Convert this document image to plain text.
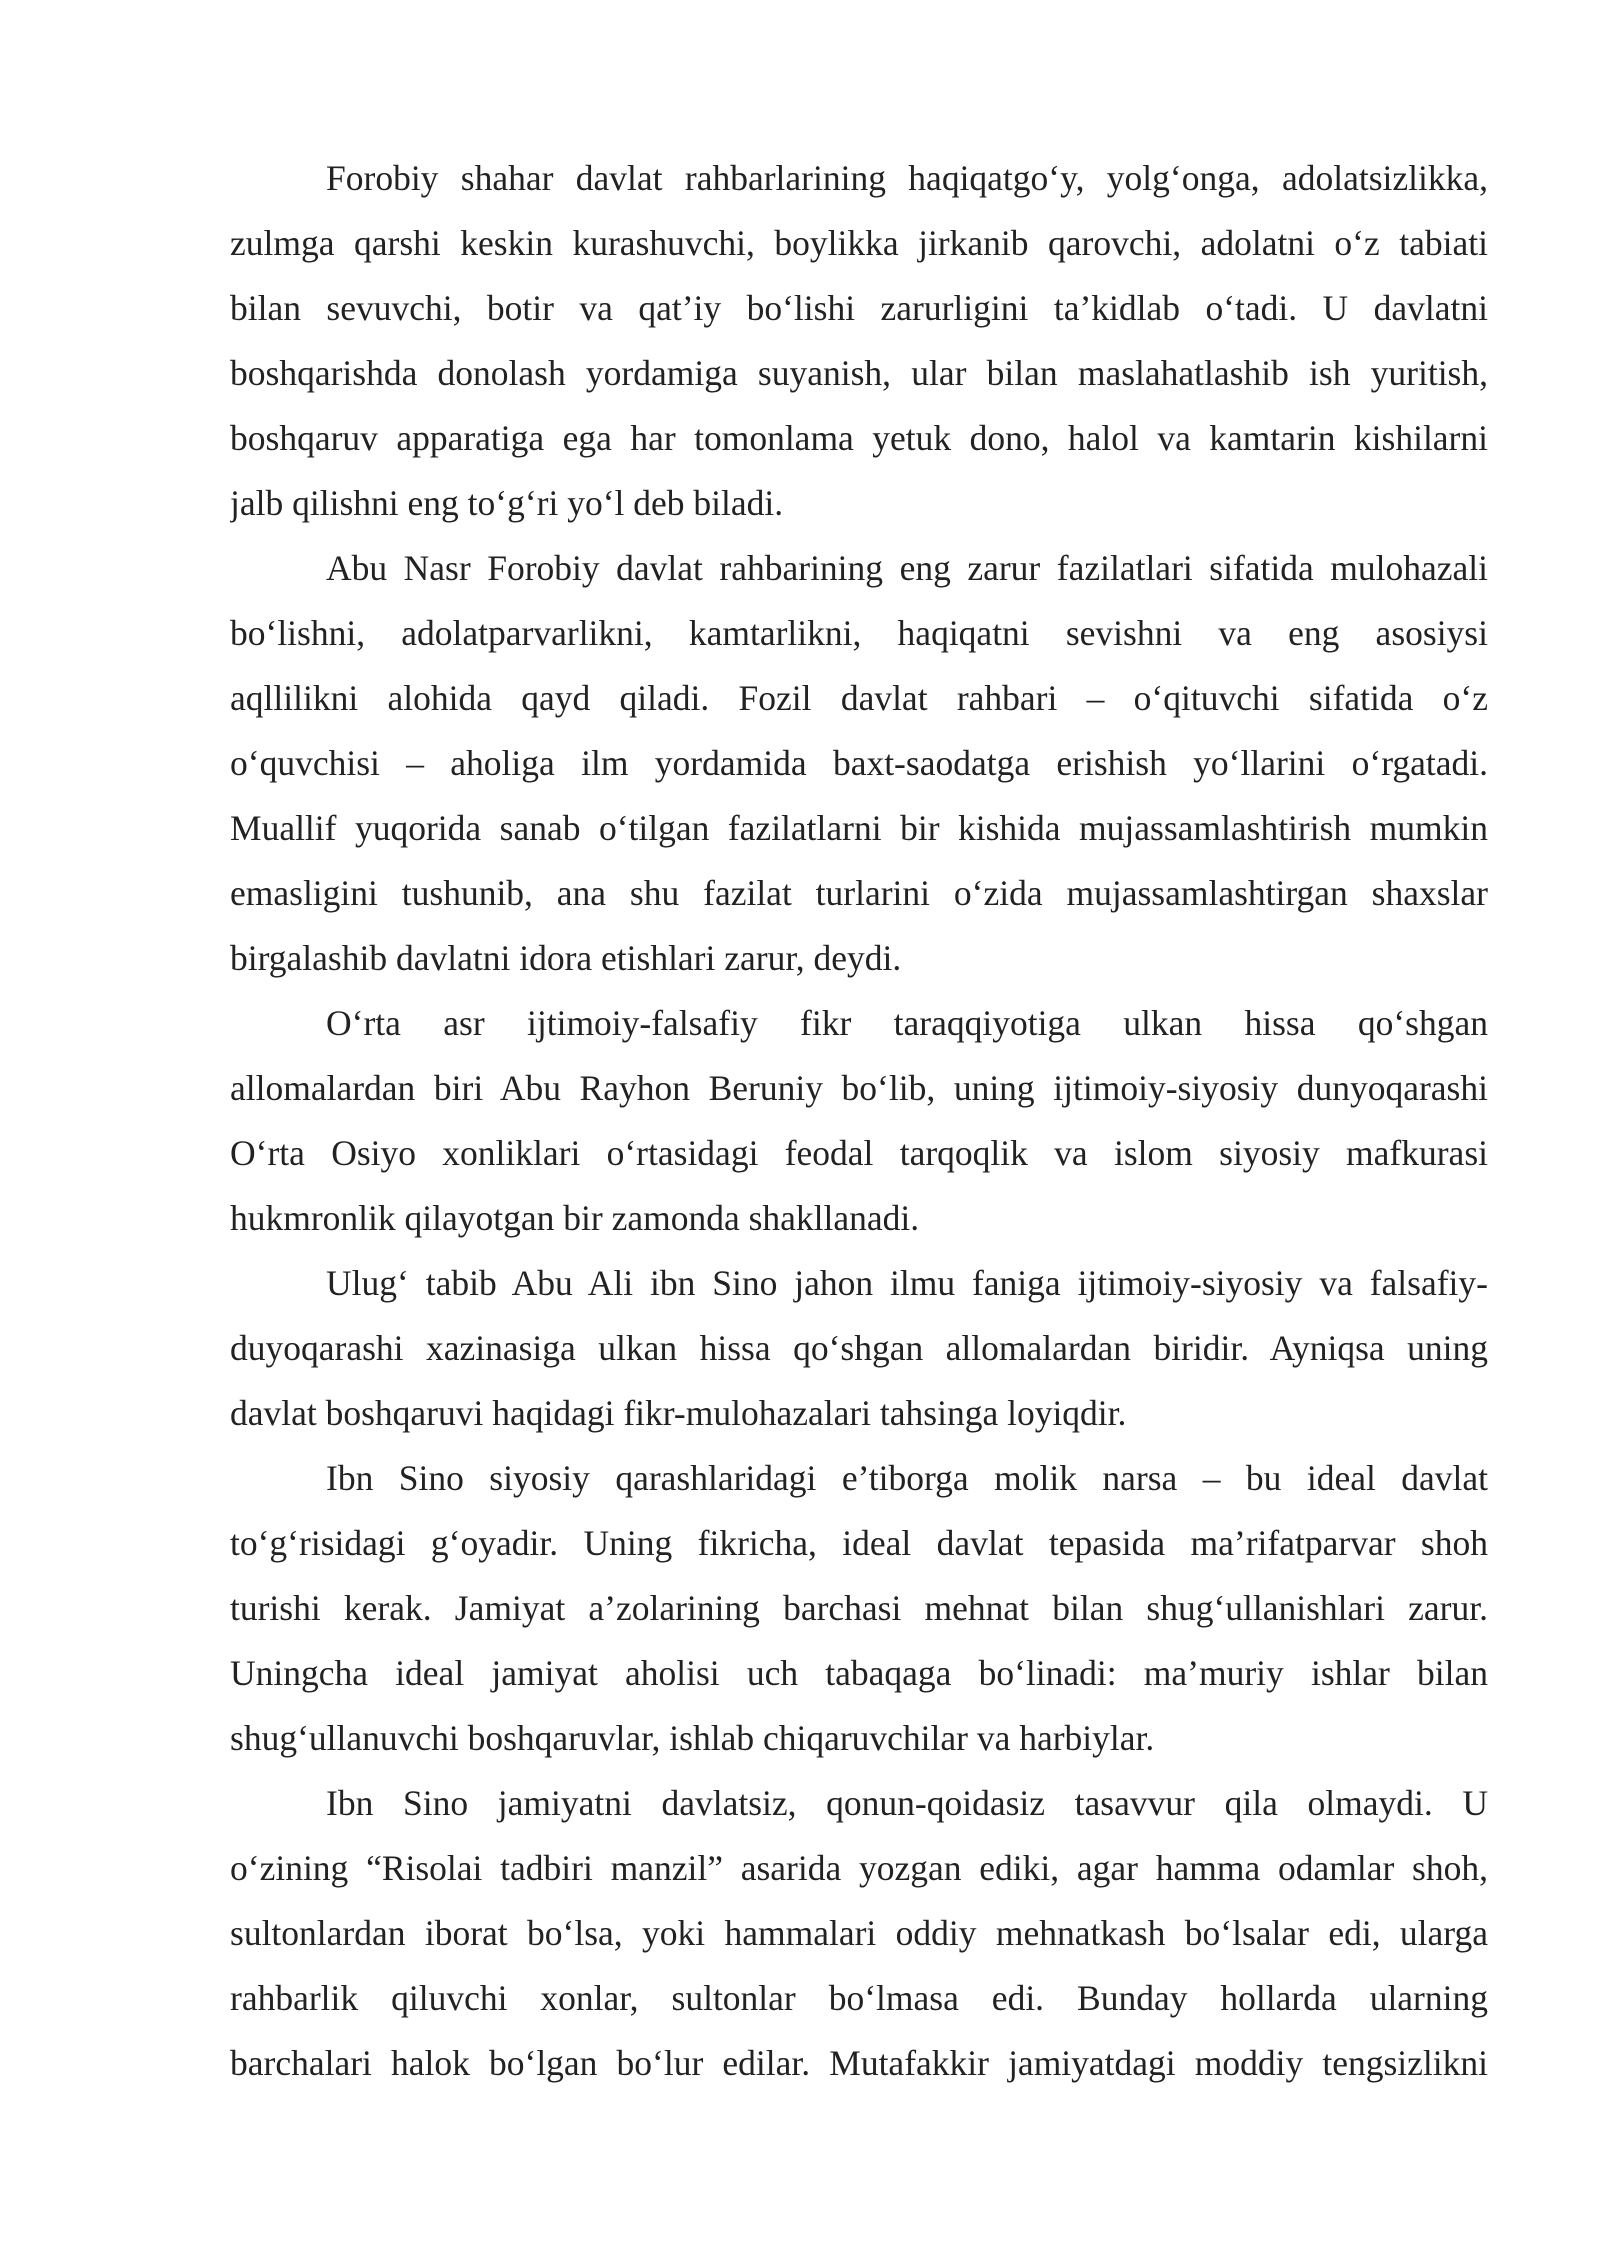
Forobiy shahar davlat rahbarlarining haqiqatgo‘y, yolg‘onga, adolatsizlikka,
zulmga qarshi keskin kurashuvchi, boylikka jirkanib qarovchi, adolatni o‘z tabiati
bilan sevuvchi, botir va qat’iy bo‘lishi zarurligini ta’kidlab o‘tadi. U davlatni
boshqarishda donolash yordamiga suyanish, ular bilan maslahatlashib ish yuritish,
boshqaruv apparatiga ega har tomonlama yetuk dono, halol va kamtarin kishilarni
jalb qilishni eng to‘g‘ri yo‘l deb biladi.
Abu Nasr Forobiy davlat rahbarining eng zarur fazilatlari sifatida mulohazali
bo‘lishni, adolatparvarlikni, kamtarlikni, haqiqatni sevishni va eng asosiysi
aqllilikni alohida qayd qiladi. Fozil davlat rahbari – o‘qituvchi sifatida o‘z
o‘quvchisi – aholiga ilm yordamida baxt-saodatga erishish yo‘llarini o‘rgatadi.
Muallif yuqorida sanab o‘tilgan fazilatlarni bir kishida mujassamlashtirish mumkin
emasligini tushunib, ana shu fazilat turlarini o‘zida mujassamlashtirgan shaxslar
birgalashib davlatni idora etishlari zarur, deydi.
O‘rta asr ijtimoiy-falsafiy fikr taraqqiyotiga ulkan hissa qo‘shgan
allomalardan biri Abu Rayhon Beruniy bo‘lib, uning ijtimoiy-siyosiy dunyoqarashi
O‘rta Osiyo xonliklari o‘rtasidagi feodal tarqoqlik va islom siyosiy mafkurasi
hukmronlik qilayotgan bir zamonda shakllanadi.
Ulug‘ tabib Abu Ali ibn Sino jahon ilmu faniga ijtimoiy-siyosiy va falsafiy-
duyoqarashi xazinasiga ulkan hissa qo‘shgan allomalardan biridir. Ayniqsa uning
davlat boshqaruvi haqidagi fikr-mulohazalari tahsinga loyiqdir.
Ibn Sino siyosiy qarashlaridagi e’tiborga molik narsa – bu ideal davlat
to‘g‘risidagi g‘oyadir. Uning fikricha, ideal davlat tepasida ma’rifatparvar shoh
turishi kerak. Jamiyat a’zolarining barchasi mehnat bilan shug‘ullanishlari zarur.
Uningcha ideal jamiyat aholisi uch tabaqaga bo‘linadi: ma’muriy ishlar bilan
shug‘ullanuvchi boshqaruvlar, ishlab chiqaruvchilar va harbiylar.
Ibn Sino jamiyatni davlatsiz, qonun-qoidasiz tasavvur qila olmaydi. U
o‘zining “Risolai tadbiri manzil” asarida yozgan ediki, agar hamma odamlar shoh,
sultonlardan iborat bo‘lsa, yoki hammalari oddiy mehnatkash bo‘lsalar edi, ularga
rahbarlik qiluvchi xonlar, sultonlar bo‘lmasa edi. Bunday hollarda ularning
barchalari halok bo‘lgan bo‘lur edilar. Mutafakkir jamiyatdagi moddiy tengsizlikni
